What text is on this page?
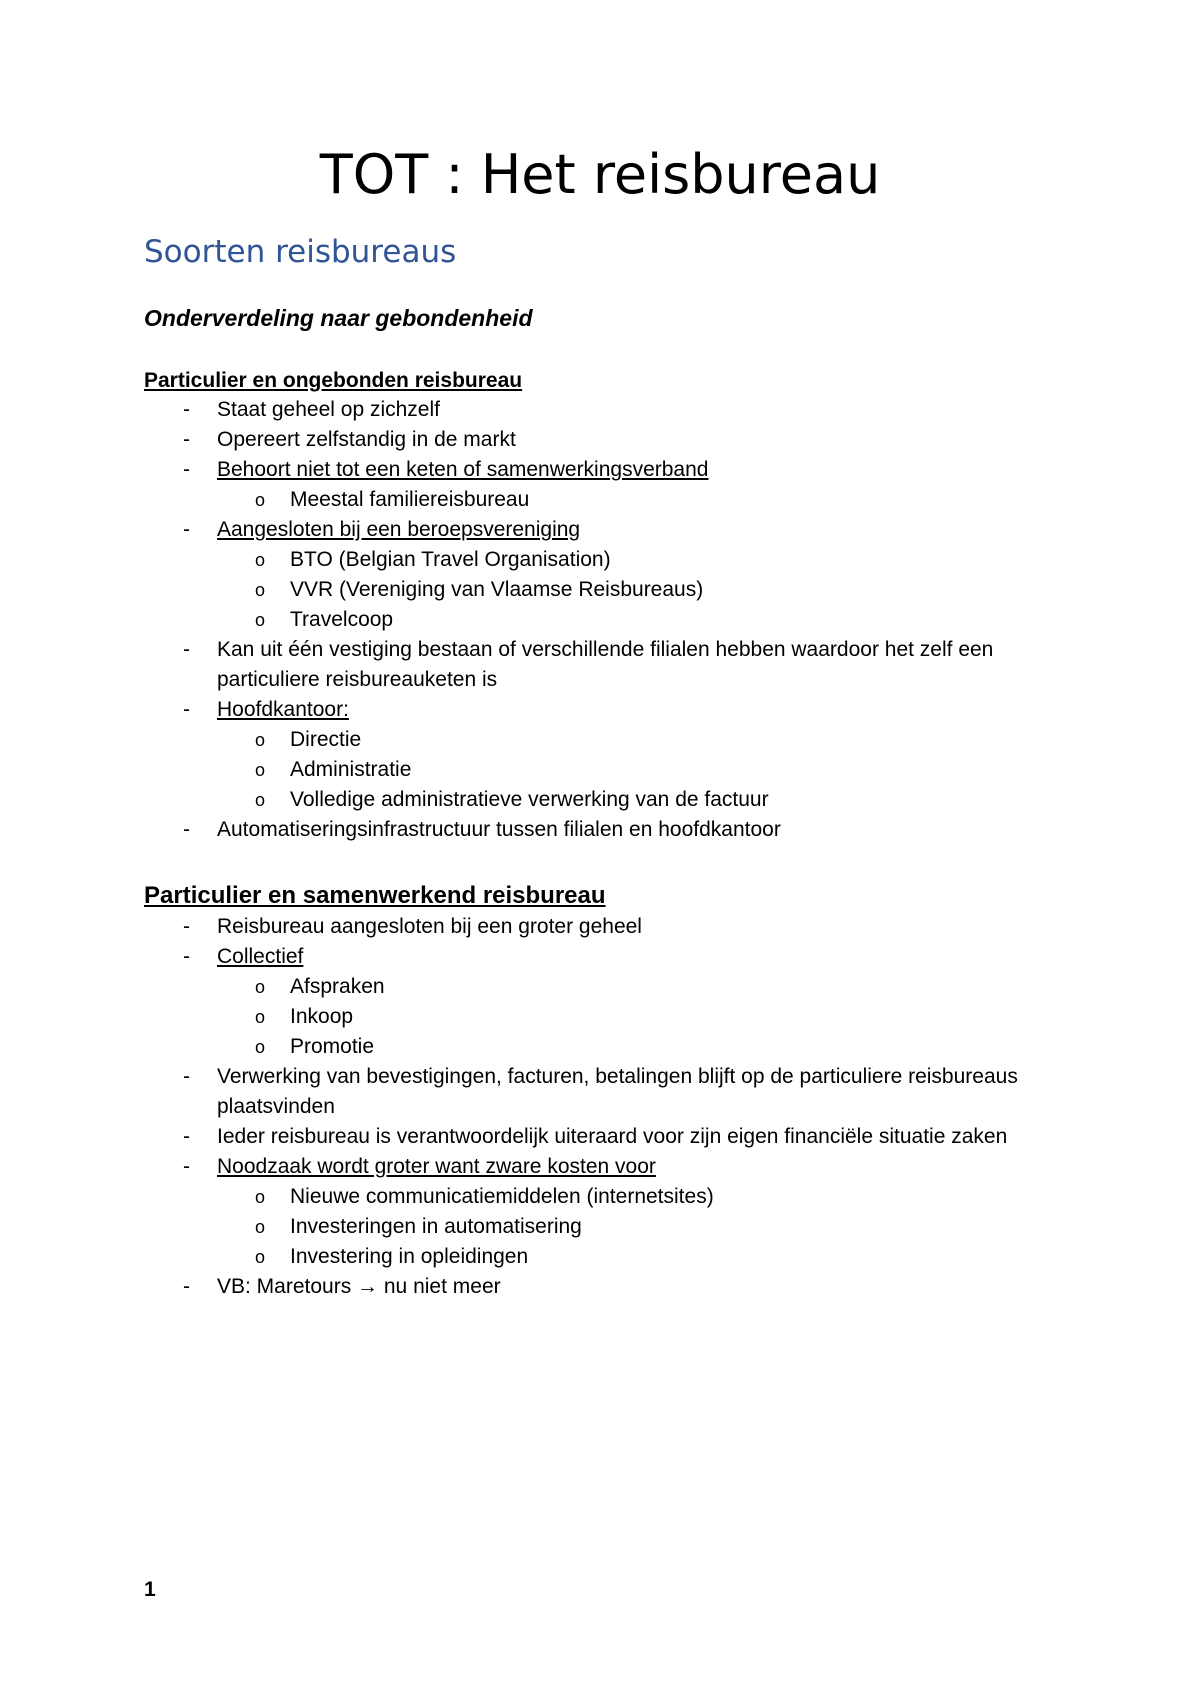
TOT : Het reisbureau
Soorten reisbureaus
Onderverdeling naar gebondenheid

Particulier en ongebonden reisbureau

- Staat geheel op zichzelf
- Opereert zelfstandig in de markt
- Behoort niet tot een keten of samenwerkingsverband
o Meestal familiereisbureau
- Aangesloten bij een beroepsvereniging
o BTO (Belgian Travel Organisation)
o VVR (Vereniging van Vlaamse Reisbureaus)
o Travelcoop
- Kan uit één vestiging bestaan of verschillende filialen hebben waardoor het zelf een particuliere reisbureauketen is
- Hoofdkantoor:
o Directie
o Administratie
o Volledige administratieve verwerking van de factuur
- Automatiseringsinfrastructuur tussen filialen en hoofdkantoor

Particulier en samenwerkend reisbureau

- Reisbureau aangesloten bij een groter geheel
- Collectief
o Afspraken
o Inkoop
o Promotie
- Verwerking van bevestigingen, facturen, betalingen blijft op de particuliere reisbureaus plaatsvinden
- Ieder reisbureau is verantwoordelijk uiteraard voor zijn eigen financiële situatie zaken
- Noodzaak wordt groter want zware kosten voor
o Nieuwe communicatiemiddelen (internetsites)
o Investeringen in automatisering
o Investering in opleidingen
- VB: Maretours → nu niet meer
1
